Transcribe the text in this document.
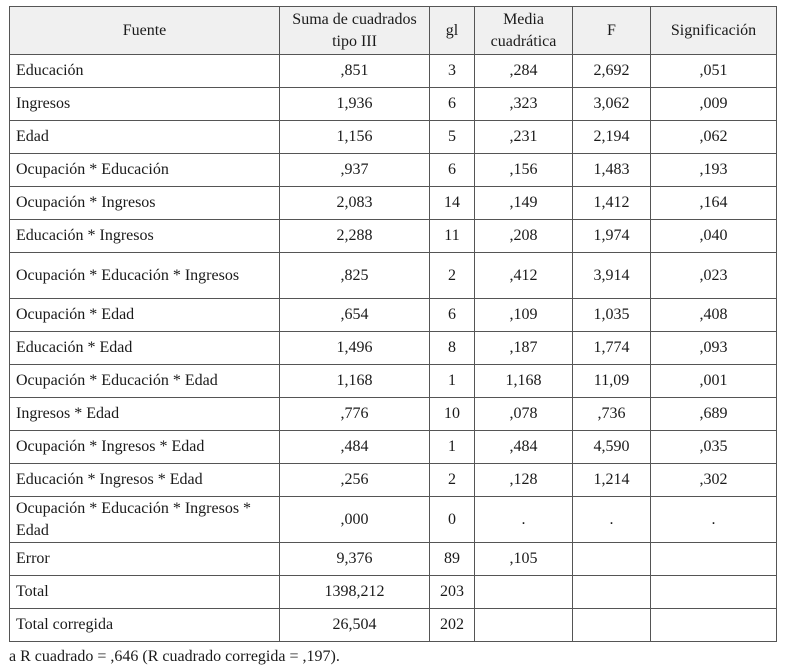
Fuente	Suma de cuadrados tipo III	gl	Media cuadrática	F	Significación
Educación	,851	3	,284	2,692	,051
Ingresos	1,936	6	,323	3,062	,009
Edad	1,156	5	,231	2,194	,062
Ocupación * Educación	,937	6	,156	1,483	,193
Ocupación * Ingresos	2,083	14	,149	1,412	,164
Educación * Ingresos	2,288	11	,208	1,974	,040
Ocupación * Educación * Ingresos	,825	2	,412	3,914	,023
Ocupación * Edad	,654	6	,109	1,035	,408
Educación * Edad	1,496	8	,187	1,774	,093
Ocupación * Educación * Edad	1,168	1	1,168	11,09	,001
Ingresos * Edad	,776	10	,078	,736	,689
Ocupación * Ingresos * Edad	,484	1	,484	4,590	,035
Educación * Ingresos * Edad	,256	2	,128	1,214	,302
Ocupación * Educación * Ingresos * Edad	,000	0	.	.	.
Error	9,376	89	,105		
Total	1398,212	203			
Total corregida	26,504	202			
a R cuadrado = ,646 (R cuadrado corregida = ,197).
